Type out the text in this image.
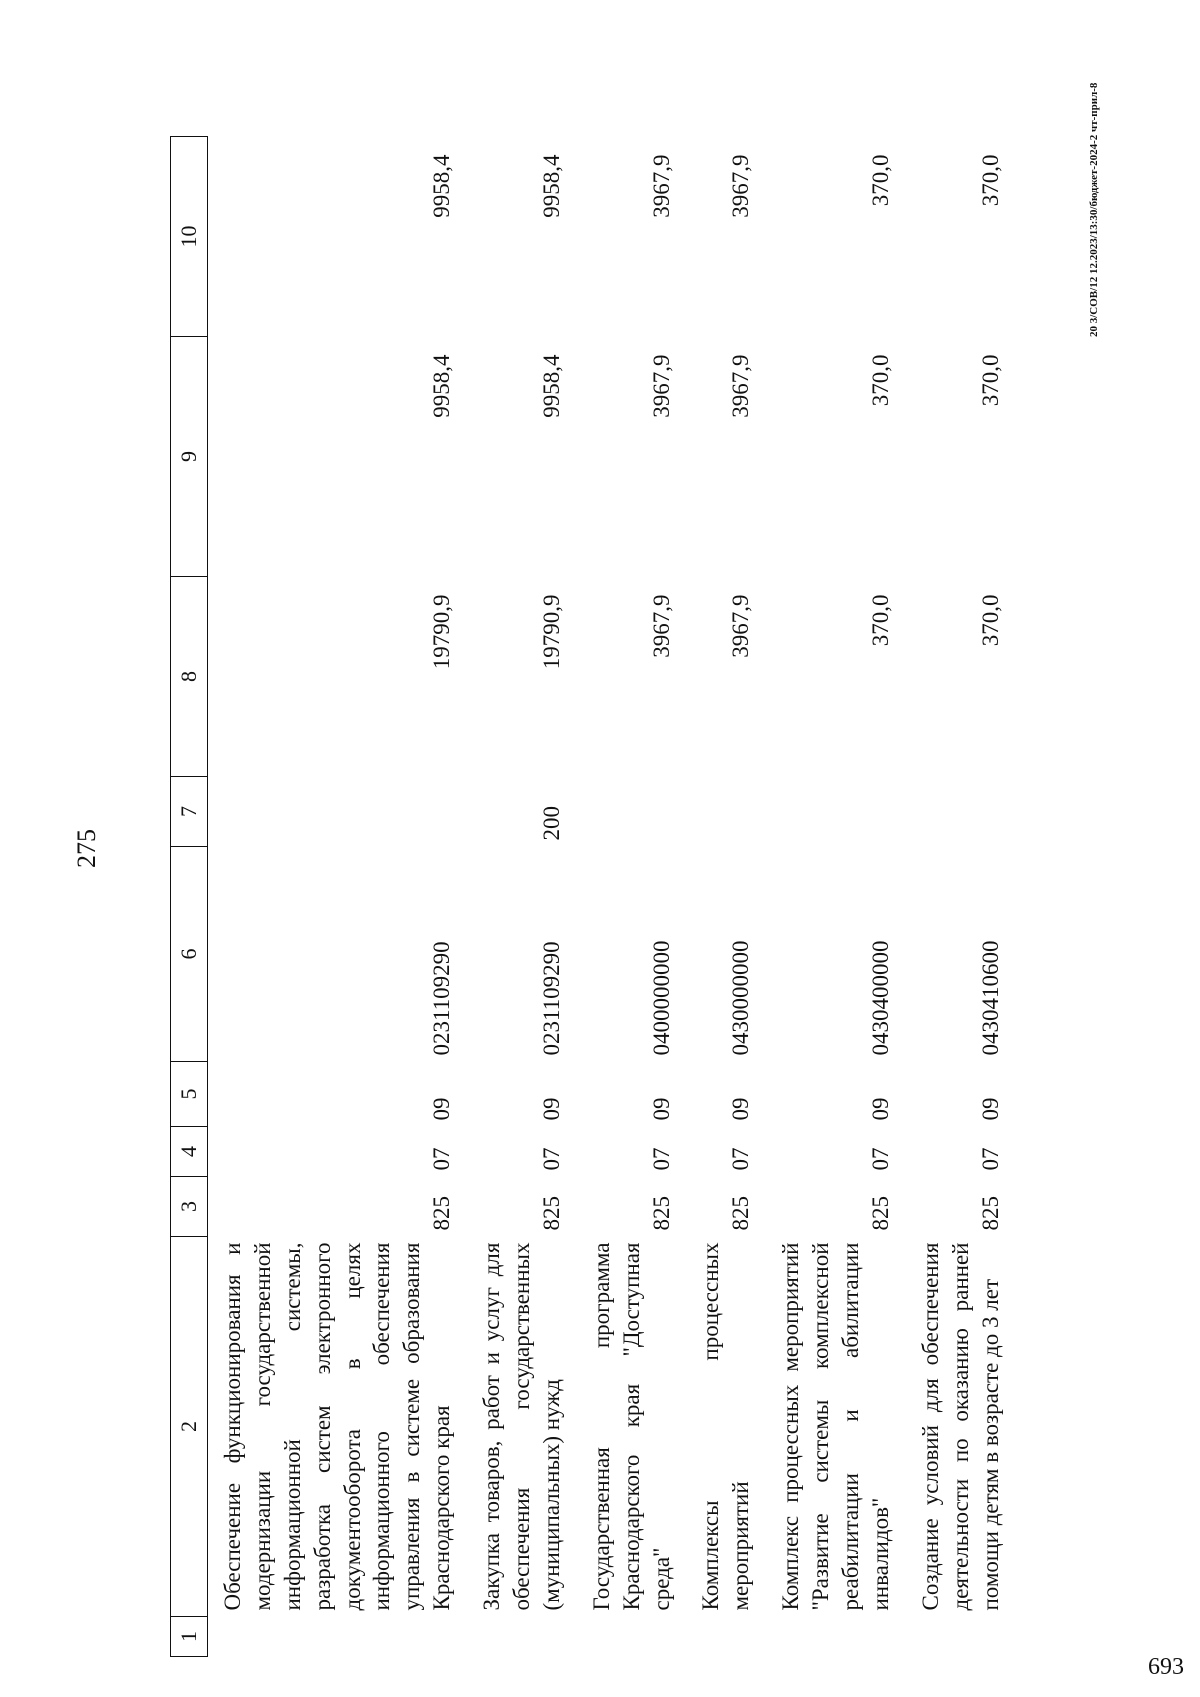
275
1	2	3	4	5	6	7	8	9	10
	Обеспечение функционирования и модернизации государственной информационной системы, разработка систем электронного документооборота в целях информационного обеспечения управления в системе образования Краснодарского края	825	07	09	0231109290		19790,9	9958,4	9958,4
	Закупка товаров, работ и услуг для обеспечения государственных (муниципальных) нужд	825	07	09	0231109290	200	19790,9	9958,4	9958,4
	Государственная программа Краснодарского края "Доступная среда"	825	07	09	0400000000		3967,9	3967,9	3967,9
	Комплексы процессных мероприятий	825	07	09	0430000000		3967,9	3967,9	3967,9
	Комплекс процессных мероприятий "Развитие системы комплексной реабилитации и абилитации инвалидов"	825	07	09	0430400000		370,0	370,0	370,0
	Создание условий для обеспечения деятельности по оказанию ранней помощи детям в возрасте до 3 лет	825	07	09	0430410600		370,0	370,0	370,0	20 3/СОВ/12 12.2023/13:30/бюджет-2024-2 чт-прил-8
693
